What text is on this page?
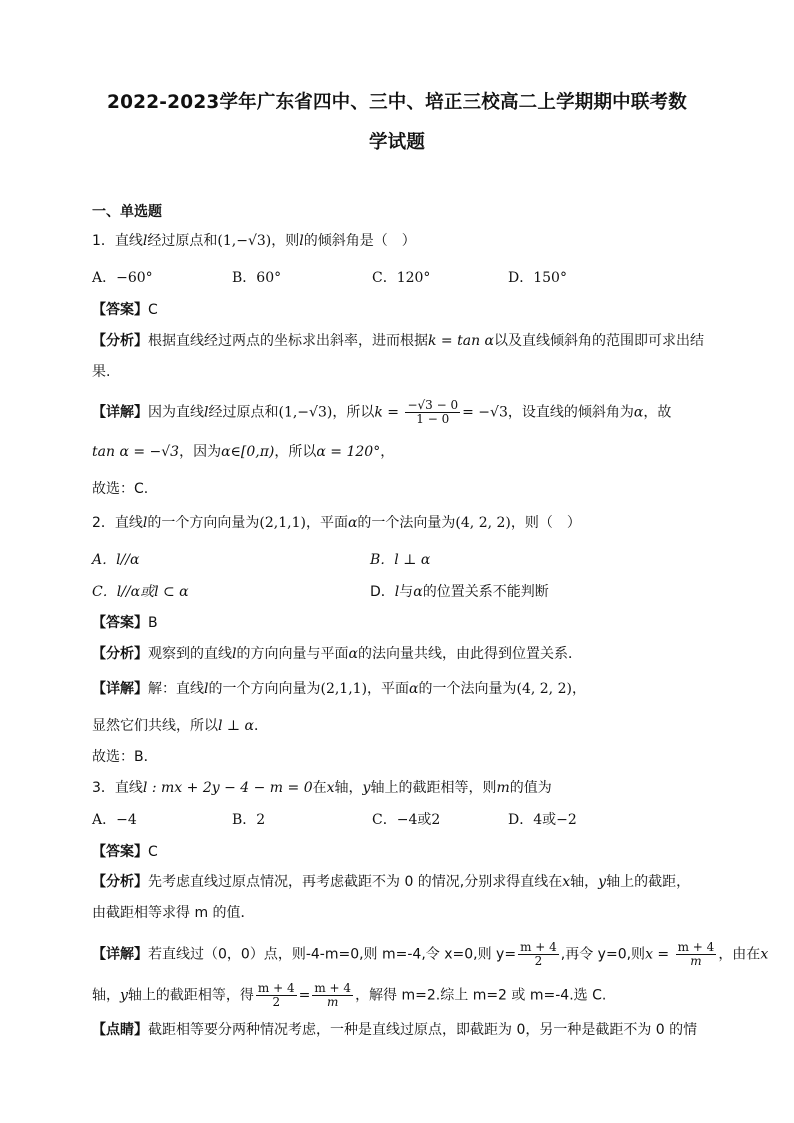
2022-2023学年广东省四中、三中、培正三校高二上学期期中联考数
学试题
一、单选题
1．直线l经过原点和(1,−√3)，则l的倾斜角是（　）
A．−60°	B．60°	C．120°	D．150°
【答案】C
【分析】根据直线经过两点的坐标求出斜率，进而根据k = tan α以及直线倾斜角的范围即可求出结
果.
【详解】因为直线l经过原点和(1,−√3)，所以$k = \frac{-√3 - 0}{1 - 0} = -√3$，设直线的倾斜角为α，故
tan α = −√3，因为α∈[0,π)，所以α = 120°，
故选：C.
2．直线l的一个方向向量为(2,1,1)，平面α的一个法向量为(4, 2, 2)，则（　）
A．l//α	B．l ⊥ α
C．l//α或l ⊂ α	D．l与α的位置关系不能判断
【答案】B
【分析】观察到的直线l的方向向量与平面α的法向量共线，由此得到位置关系．
【详解】解：直线l的一个方向向量为(2,1,1)，平面α的一个法向量为(4, 2, 2)，
显然它们共线，所以l ⊥ α．
故选：B．
3．直线l : mx + 2y − 4 − m = 0在x轴，y轴上的截距相等，则m的值为
A．−4	B．2	C．−4或2	D．4或−2
【答案】C
【分析】先考虑直线过原点情况，再考虑截距不为 0 的情况,分别求得直线在x轴，y轴上的截距，
由截距相等求得 m 的值．
【详解】若直线过（0，0）点，则-4-m=0,则 m=-4,令 x=0,则 $y= \frac{m + 4}{2}$ ,再令 y=0,则$x = \frac{m + 4}{m}$ ，由在x
轴，y轴上的截距相等，得 $\frac{m + 4}{2} = \frac{m + 4}{m}$ ，解得 m=2.综上 m=2 或 m=-4.选 C.
【点睛】截距相等要分两种情况考虑，一种是直线过原点，即截距为 0，另一种是截距不为 0 的情
